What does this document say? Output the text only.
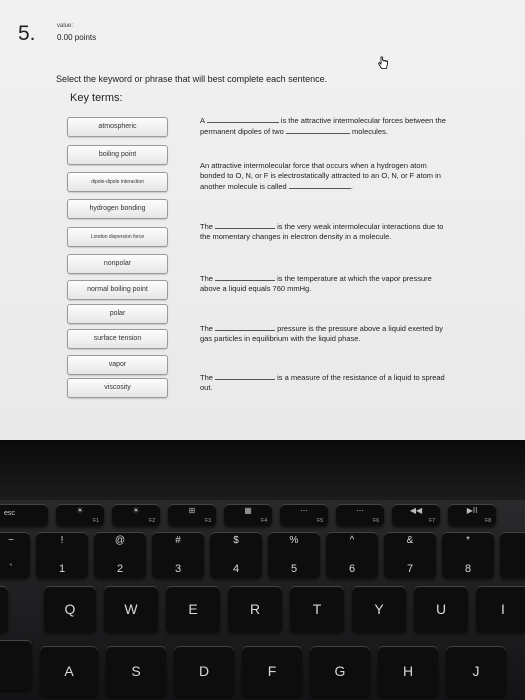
5.	value:
0.00 points
Select the keyword or phrase that will best complete each sentence.
Key terms:
atmospheric
boiling point
dipole-dipole interaction
hydrogen bonding
London dispersion force
nonpolar
normal boiling point
polar
surface tension
vapor
viscosity
A	is the attractive intermolecular forces between the
permanent dipoles of two	molecules.
An attractive intermolecular force that occurs when a hydrogen atom
bonded to O, N, or F is electrostatically attracted to an O, N, or F atom in
another molecule is called	.
The	is the very weak intermolecular interactions due to
the momentary changes in electron density in a molecule.
The	is the temperature at which the vapor pressure
above a liquid equals 760 mmHg.
The	pressure is the pressure above a liquid exerted by
gas particles in equilibrium with the liquid phase.
The	is a measure of the resistance of a liquid to spread
out.
esc	☀
F1
☀
F2
⊞
F3
▦
F4
⋯
F5
⋯
F6
◀◀
F7
▶II
F8
~
`
!
1
@
2
#
3
$
4
%
5
^
6
&
7
*
8
Q	W	E	R	T	Y	U	I
A	S	D	F	G	H	J
